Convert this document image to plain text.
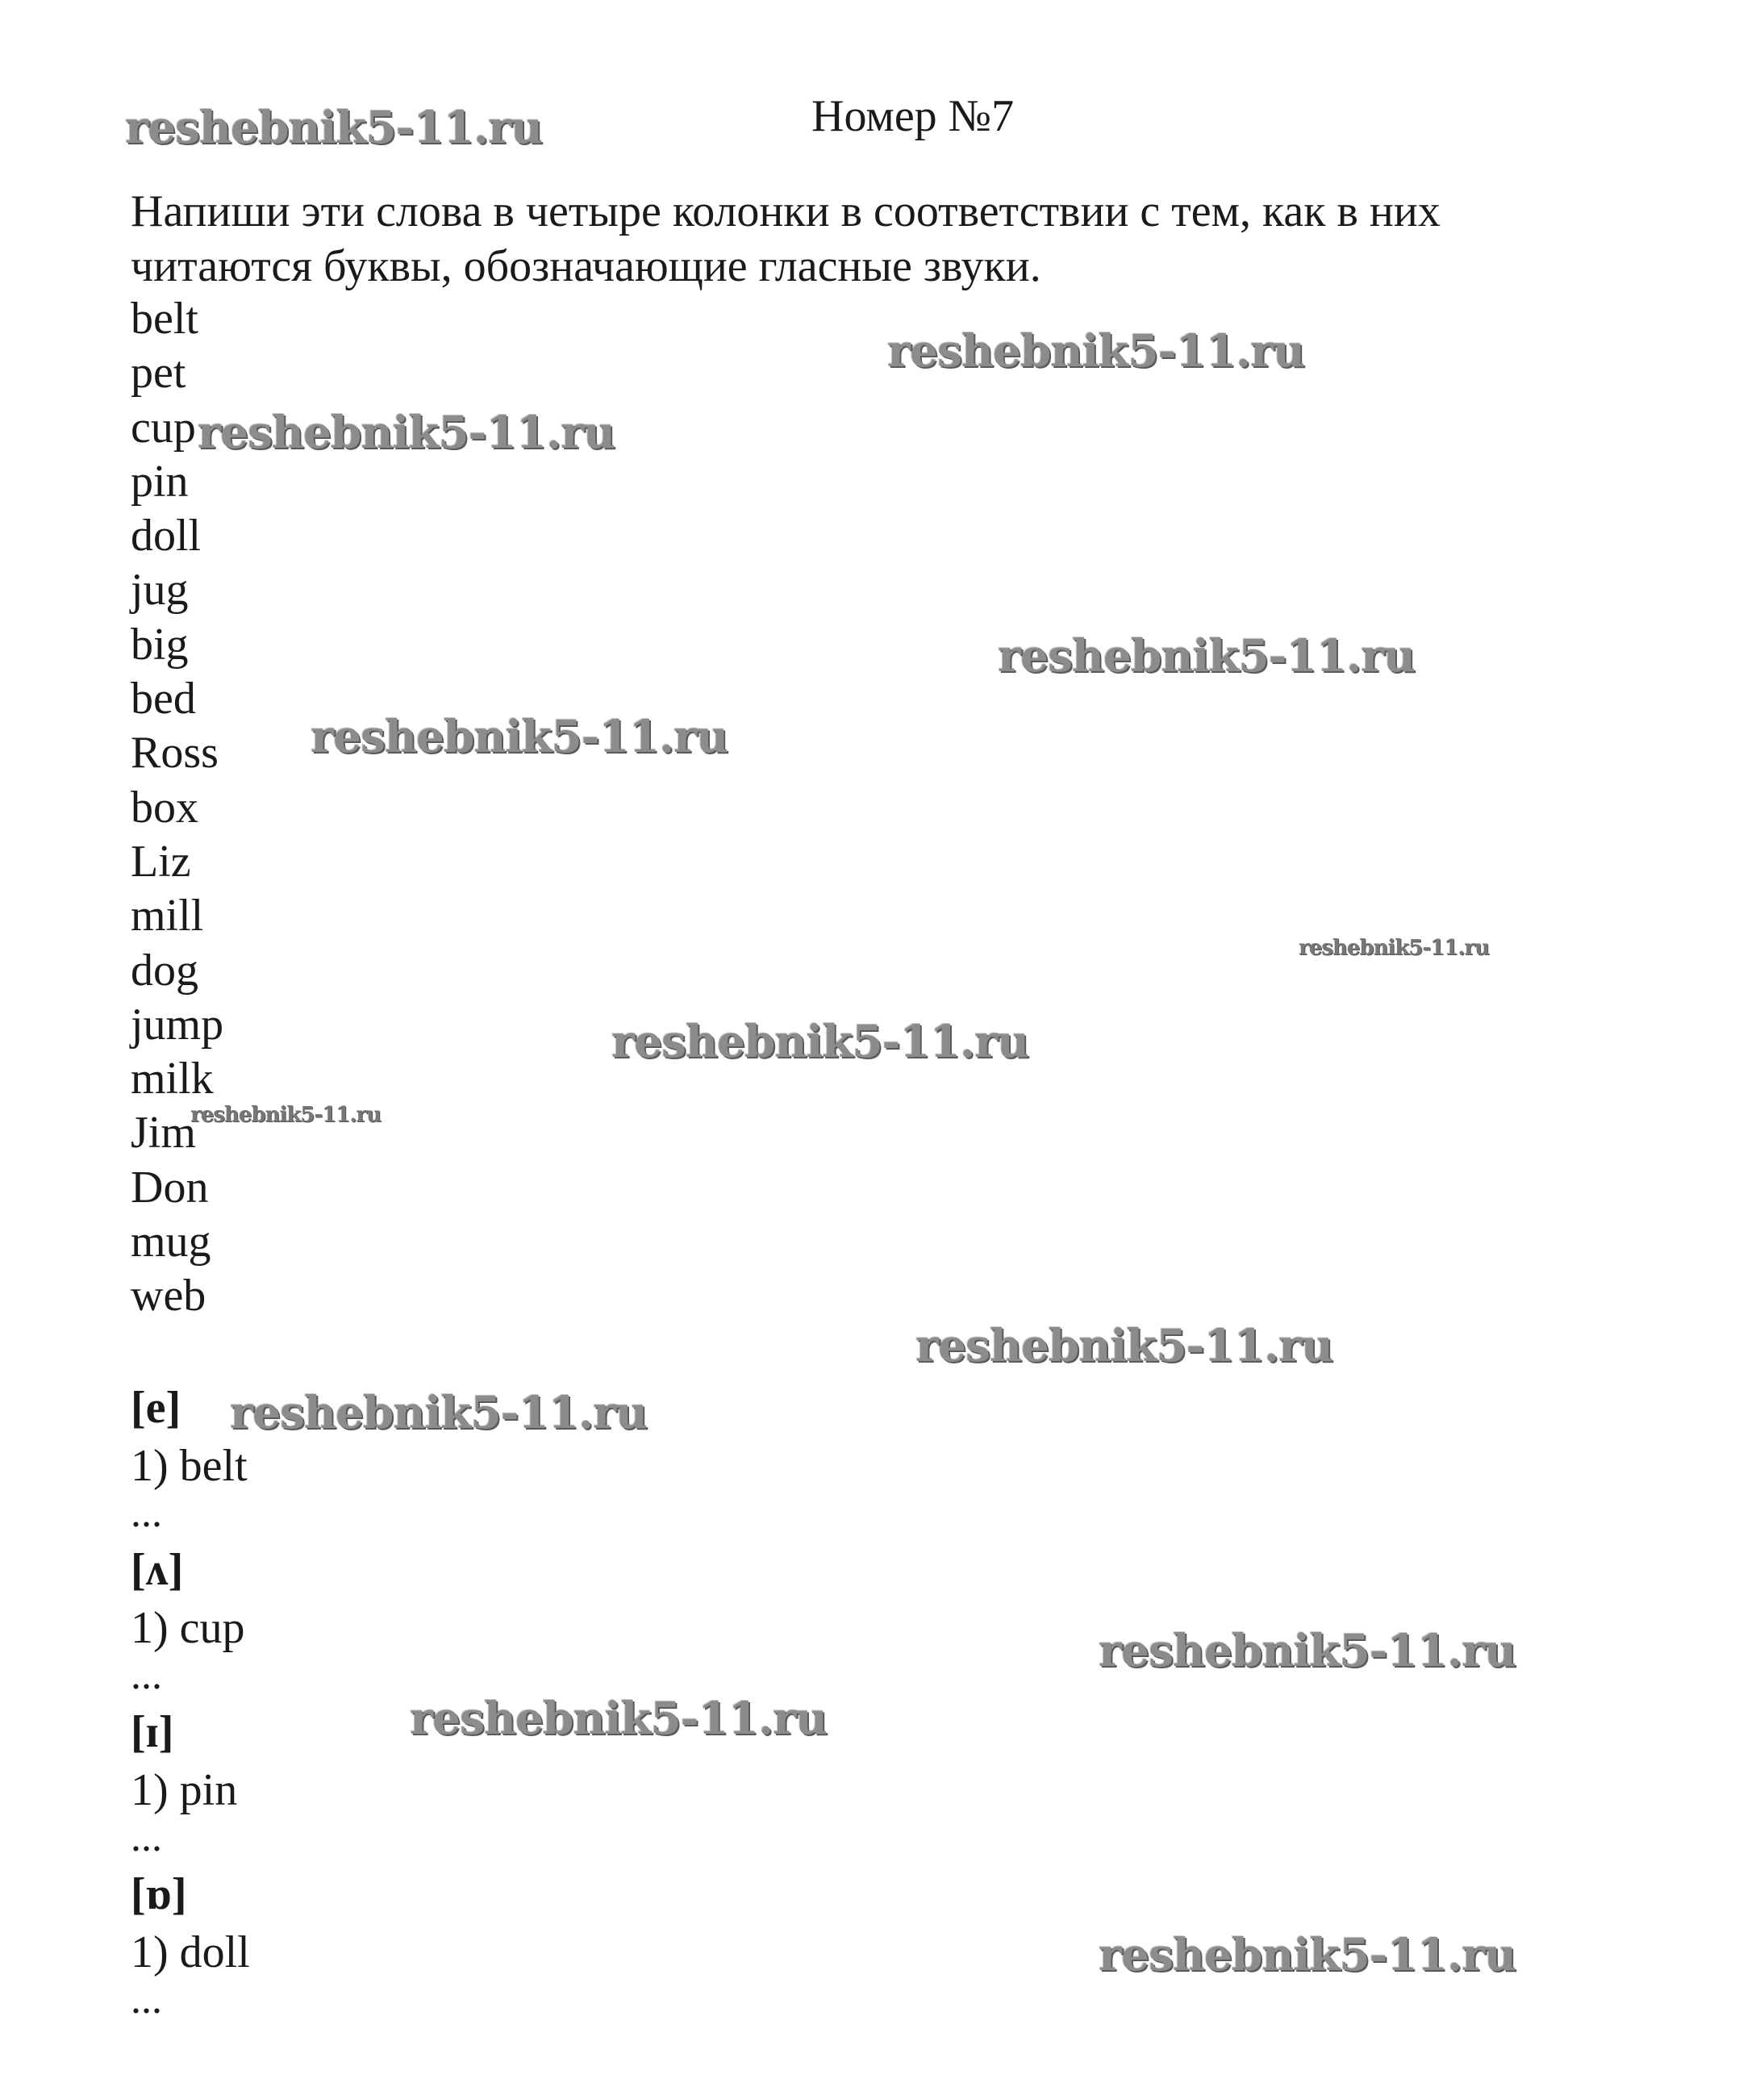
Номер №7
Напиши эти слова в четыре колонки в соответствии с тем, как в них читаются буквы, обозначающие гласные звуки.
belt
pet
cup
pin
doll
jug
big
bed
Ross
box
Liz
mill
dog
jump
milk
Jim
Don
mug
web
[e]
1) belt
...
[ʌ]
1) cup
...
[ɪ]
1) pin
...
[ɒ]
1) doll
...
reshebnik5-11.ru
reshebnik5-11.ru
reshebnik5-11.ru
reshebnik5-11.ru
reshebnik5-11.ru
reshebnik5-11.ru
reshebnik5-11.ru
reshebnik5-11.ru
reshebnik5-11.ru
reshebnik5-11.ru
reshebnik5-11.ru
reshebnik5-11.ru
reshebnik5-11.ru
